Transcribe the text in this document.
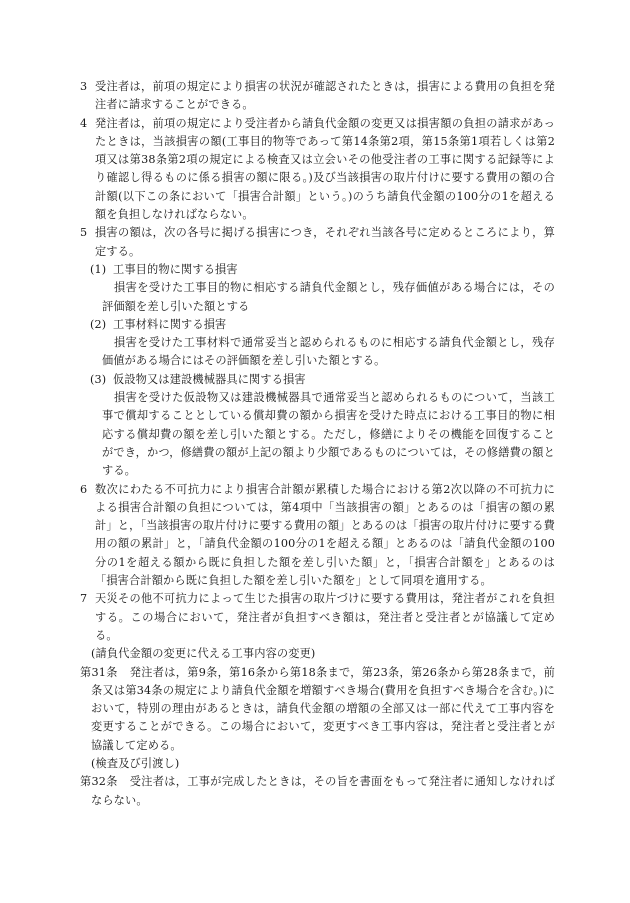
3 受注者は，前項の規定により損害の状況が確認されたときは，損害による費用の負担を発注者に請求することができる。

4 発注者は，前項の規定により受注者から請負代金額の変更又は損害額の負担の請求があったときは，当該損害の額(工事目的物等であって第14条第2項，第15条第1項若しくは第2項又は第38条第2項の規定による検査又は立会いその他受注者の工事に関する記録等により確認し得るものに係る損害の額に限る。)及び当該損害の取片付けに要する費用の額の合計額(以下この条において「損害合計額」という。)のうち請負代金額の100分の1を超える額を負担しなければならない。

5 損害の額は，次の各号に掲げる損害につき，それぞれ当該各号に定めるところにより，算定する。

(1) 工事目的物に関する損害

損害を受けた工事目的物に相応する請負代金額とし，残存価値がある場合には，その評価額を差し引いた額とする

(2) 工事材料に関する損害

損害を受けた工事材料で通常妥当と認められるものに相応する請負代金額とし，残存価値がある場合にはその評価額を差し引いた額とする。

(3) 仮設物又は建設機械器具に関する損害

損害を受けた仮設物又は建設機械器具で通常妥当と認められるものについて，当該工事で償却することとしている償却費の額から損害を受けた時点における工事目的物に相応する償却費の額を差し引いた額とする。ただし，修繕によりその機能を回復することができ，かつ，修繕費の額が上記の額より少額であるものについては，その修繕費の額とする。

6 数次にわたる不可抗力により損害合計額が累積した場合における第2次以降の不可抗力による損害合計額の負担については，第4項中「当該損害の額」とあるのは「損害の額の累計」と，「当該損害の取片付けに要する費用の額」とあるのは「損害の取片付けに要する費用の額の累計」と，「請負代金額の100分の1を超える額」とあるのは「請負代金額の100分の1を超える額から既に負担した額を差し引いた額」と，「損害合計額を」とあるのは「損害合計額から既に負担した額を差し引いた額を」として同項を適用する。

7 天災その他不可抗力によって生じた損害の取片づけに要する費用は，発注者がこれを負担する。この場合において，発注者が負担すべき額は，発注者と受注者とが協議して定める。

(請負代金額の変更に代える工事内容の変更)

第31条 発注者は，第9条，第16条から第18条まで，第23条，第26条から第28条まで，前条又は第34条の規定により請負代金額を増額すべき場合(費用を負担すべき場合を含む。)において，特別の理由があるときは，請負代金額の増額の全部又は一部に代えて工事内容を変更することができる。この場合において，変更すべき工事内容は，発注者と受注者とが協議して定める。

(検査及び引渡し)

第32条 受注者は，工事が完成したときは，その旨を書面をもって発注者に通知しなければならない。
